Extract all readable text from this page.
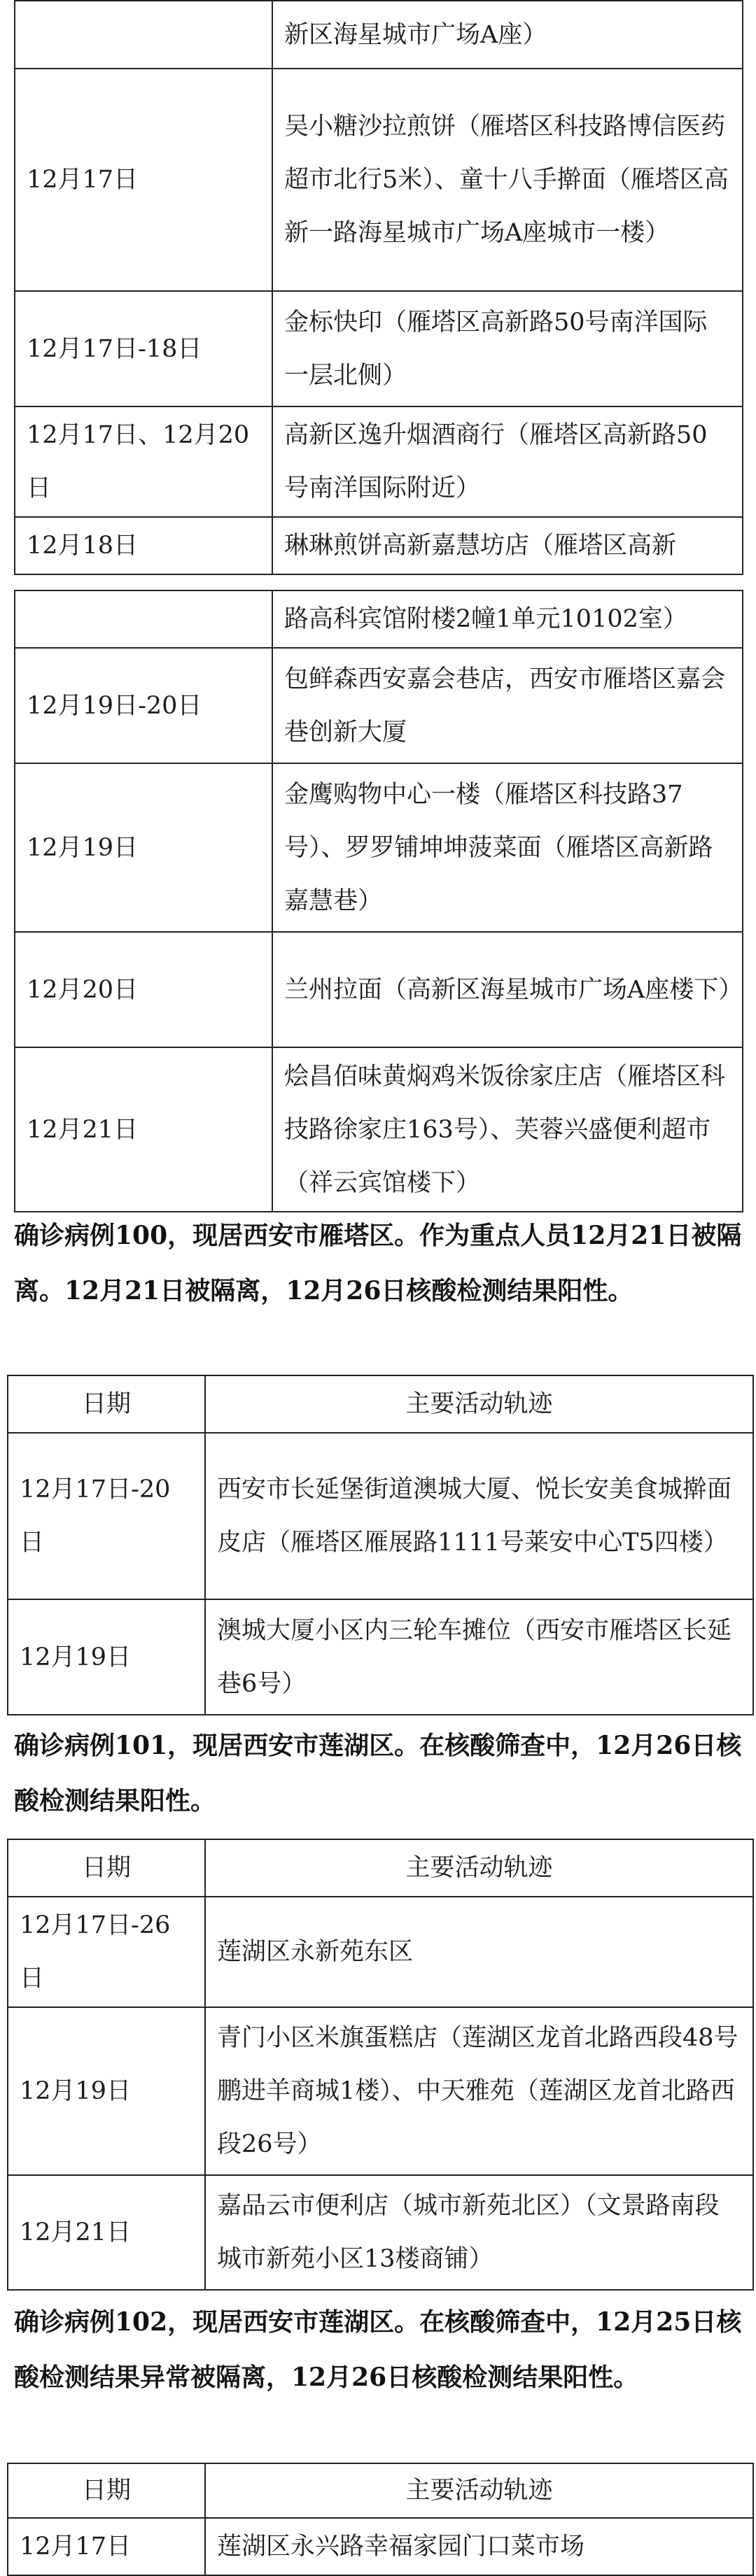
	新区海星城市广场A座）
12月17日	吴小糖沙拉煎饼（雁塔区科技路博信医药超市北行5米）、童十八手擀面（雁塔区高新一路海星城市广场A座城市一楼）
12月17日-18日	金标快印（雁塔区高新路50号南洋国际一层北侧）
12月17日、12月20日	高新区逸升烟酒商行（雁塔区高新路50号南洋国际附近）
12月18日	琳琳煎饼高新嘉慧坊店（雁塔区高新
	路高科宾馆附楼2幢1单元10102室）
12月19日-20日	包鲜森西安嘉会巷店，西安市雁塔区嘉会巷创新大厦
12月19日	金鹰购物中心一楼（雁塔区科技路37号）、罗罗铺坤坤菠菜面（雁塔区高新路嘉慧巷）
12月20日	兰州拉面（高新区海星城市广场A座楼下）
12月21日	烩昌佰味黄焖鸡米饭徐家庄店（雁塔区科技路徐家庄163号）、芙蓉兴盛便利超市（祥云宾馆楼下）

确诊病例100，现居西安市雁塔区。作为重点人员12月21日被隔离。12月21日被隔离，12月26日核酸检测结果阳性。

日期	主要活动轨迹
12月17日-20日	西安市长延堡街道澳城大厦、悦长安美食城擀面皮店（雁塔区雁展路1111号莱安中心T5四楼）
12月19日	澳城大厦小区内三轮车摊位（西安市雁塔区长延巷6号）

确诊病例101，现居西安市莲湖区。在核酸筛查中，12月26日核酸检测结果阳性。

日期	主要活动轨迹
12月17日-26日	莲湖区永新苑东区
12月19日	青门小区米旗蛋糕店（莲湖区龙首北路西段48号鹏进羊商城1楼）、中天雅苑（莲湖区龙首北路西段26号）
12月21日	嘉品云市便利店（城市新苑北区）（文景路南段城市新苑小区13楼商铺）

确诊病例102，现居西安市莲湖区。在核酸筛查中，12月25日核酸检测结果异常被隔离，12月26日核酸检测结果阳性。

日期	主要活动轨迹
12月17日	莲湖区永兴路幸福家园门口菜市场
